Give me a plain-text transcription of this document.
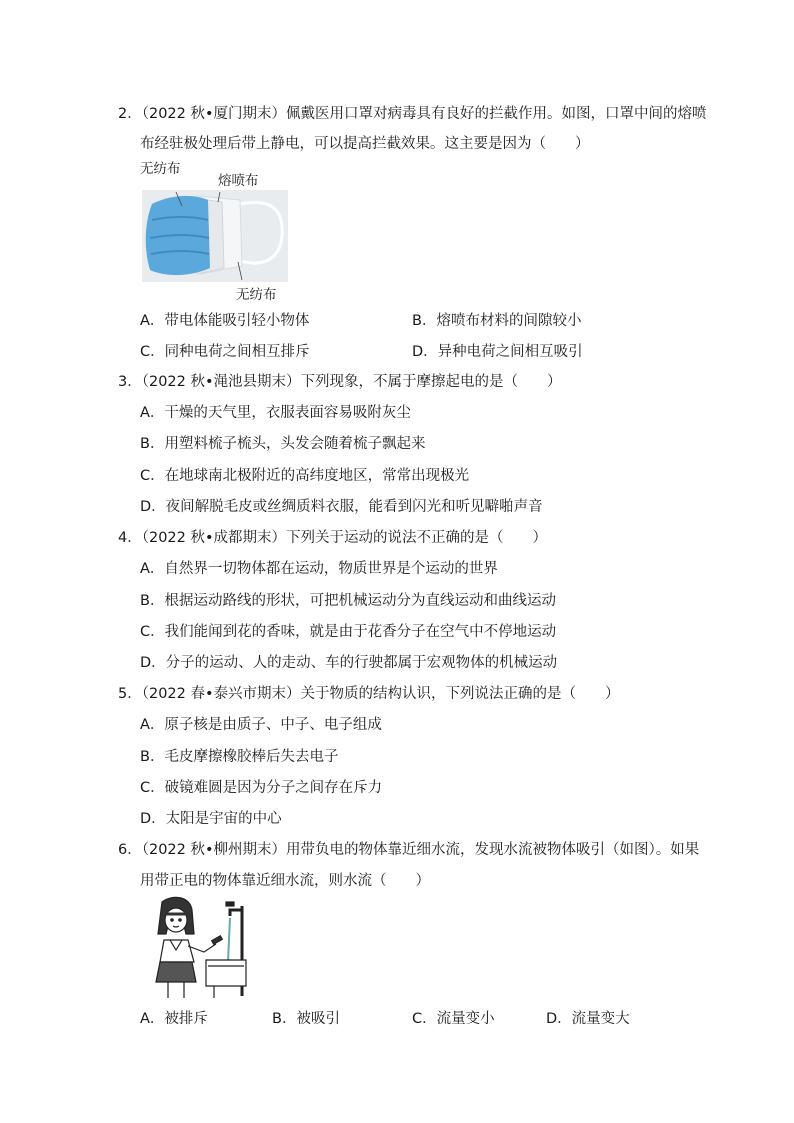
2．（2022 秋•厦门期末）佩戴医用口罩对病毒具有良好的拦截作用。如图，口罩中间的熔喷
布经驻极处理后带上静电，可以提高拦截效果。这主要是因为（　　）
无纺布
熔喷布
无纺布
A．带电体能吸引轻小物体	B．熔喷布材料的间隙较小
C．同种电荷之间相互排斥	D．异种电荷之间相互吸引
3．（2022 秋•渑池县期末）下列现象，不属于摩擦起电的是（　　）
A．干燥的天气里，衣服表面容易吸附灰尘
B．用塑料梳子梳头，头发会随着梳子飘起来
C．在地球南北极附近的高纬度地区，常常出现极光
D．夜间解脱毛皮或丝绸质料衣服，能看到闪光和听见噼啪声音
4．（2022 秋•成都期末）下列关于运动的说法不正确的是（　　）
A．自然界一切物体都在运动，物质世界是个运动的世界
B．根据运动路线的形状，可把机械运动分为直线运动和曲线运动
C．我们能闻到花的香味，就是由于花香分子在空气中不停地运动
D．分子的运动、人的走动、车的行驶都属于宏观物体的机械运动
5．（2022 春•泰兴市期末）关于物质的结构认识，下列说法正确的是（　　）
A．原子核是由质子、中子、电子组成
B．毛皮摩擦橡胶棒后失去电子
C．破镜难圆是因为分子之间存在斥力
D．太阳是宇宙的中心
6．（2022 秋•柳州期末）用带负电的物体靠近细水流，发现水流被物体吸引（如图）。如果
用带正电的物体靠近细水流，则水流（　　）
A．被排斥	B．被吸引	C．流量变小	D．流量变大
